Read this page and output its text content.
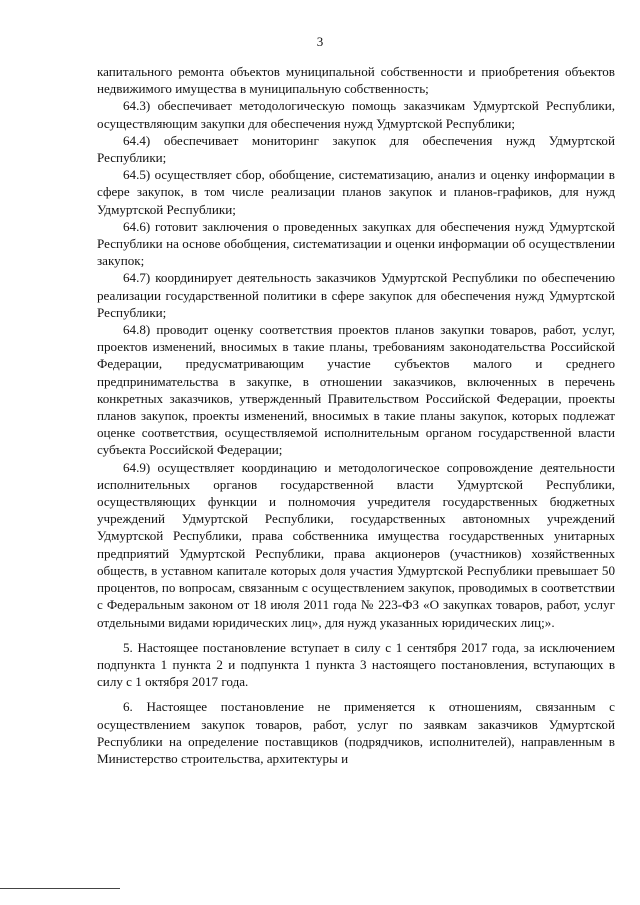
3

капитального ремонта объектов муниципальной собственности и приобретения объектов недвижимого имущества в муниципальную собственность;

64.3) обеспечивает методологическую помощь заказчикам Удмуртской Республики, осуществляющим закупки для обеспечения нужд Удмуртской Республики;

64.4) обеспечивает мониторинг закупок для обеспечения нужд Удмуртской Республики;

64.5) осуществляет сбор, обобщение, систематизацию, анализ и оценку информации в сфере закупок, в том числе реализации планов закупок и планов-графиков, для нужд Удмуртской Республики;

64.6) готовит заключения о проведенных закупках для обеспечения нужд Удмуртской Республики на основе обобщения, систематизации и оценки информации об осуществлении закупок;

64.7) координирует деятельность заказчиков Удмуртской Республики по обеспечению реализации государственной политики в сфере закупок для обеспечения нужд Удмуртской Республики;

64.8) проводит оценку соответствия проектов планов закупки товаров, работ, услуг, проектов изменений, вносимых в такие планы, требованиям законодательства Российской Федерации, предусматривающим участие субъектов малого и среднего предпринимательства в закупке, в отношении заказчиков, включенных в перечень конкретных заказчиков, утвержденный Правительством Российской Федерации, проекты планов закупок, проекты изменений, вносимых в такие планы закупок, которых подлежат оценке соответствия, осуществляемой исполнительным органом государственной власти субъекта Российской Федерации;

64.9) осуществляет координацию и методологическое сопровождение деятельности исполнительных органов государственной власти Удмуртской Республики, осуществляющих функции и полномочия учредителя государственных бюджетных учреждений Удмуртской Республики, государственных автономных учреждений Удмуртской Республики, права собственника имущества государственных унитарных предприятий Удмуртской Республики, права акционеров (участников) хозяйственных обществ, в уставном капитале которых доля участия Удмуртской Республики превышает 50 процентов, по вопросам, связанным с осуществлением закупок, проводимых в соответствии с Федеральным законом от 18 июля 2011 года № 223-ФЗ «О закупках товаров, работ, услуг отдельными видами юридических лиц», для нужд указанных юридических лиц;».

5. Настоящее постановление вступает в силу с 1 сентября 2017 года, за исключением подпункта 1 пункта 2 и подпункта 1 пункта 3 настоящего постановления, вступающих в силу с 1 октября 2017 года.

6. Настоящее постановление не применяется к отношениям, связанным с осуществлением закупок товаров, работ, услуг по заявкам заказчиков Удмуртской Республики на определение поставщиков (подрядчиков, исполнителей), направленным в Министерство строительства, архитектуры и
